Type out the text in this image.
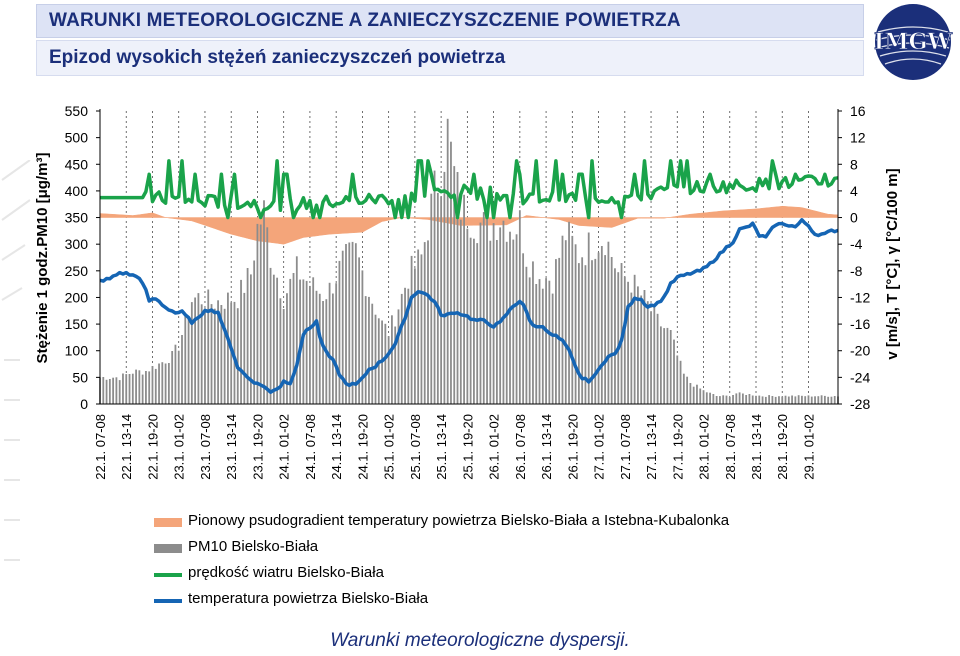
WARUNKI METEOROLOGICZNE A ZANIECZYSZCZENIE POWIETRZA
Epizod wysokich stężeń zanieczyszczeń powietrza
IMGW
0
50
100
150
200
250
300
350
400
450
500
550
-28
-24
-20
-16
-12
-8
-4
0
4
8
12
16
22.1. 07-08 22.1. 13-14 22.1. 19-20 23.1. 01-02 23.1. 07-08 23.1. 13-14 23.1. 19-20 24.1. 01-02 24.1. 07-08 24.1. 13-14 24.1. 19-20 25.1. 01-02 25.1. 07-08 25.1. 13-14 25.1. 19-20 26.1. 01-02 26.1. 07-08 26.1. 13-14 26.1. 19-20 27.1. 01-02 27.1. 07-08 27.1. 13-14 27.1. 19-20 28.1. 01-02 28.1. 07-08 28.1. 13-14 28.1. 19-20 29.1. 01-02
Stężenie 1 godz.PM10 [μg/m³]	v [m/s], T [°C], γ [°C/100 m]
Pionowy psudogradient temperatury powietrza Bielsko-Biała a Istebna-Kubalonka
PM10 Bielsko-Biała
prędkość wiatru Bielsko-Biała
temperatura powietrza Bielsko-Biała
Warunki meteorologiczne dyspersji.
